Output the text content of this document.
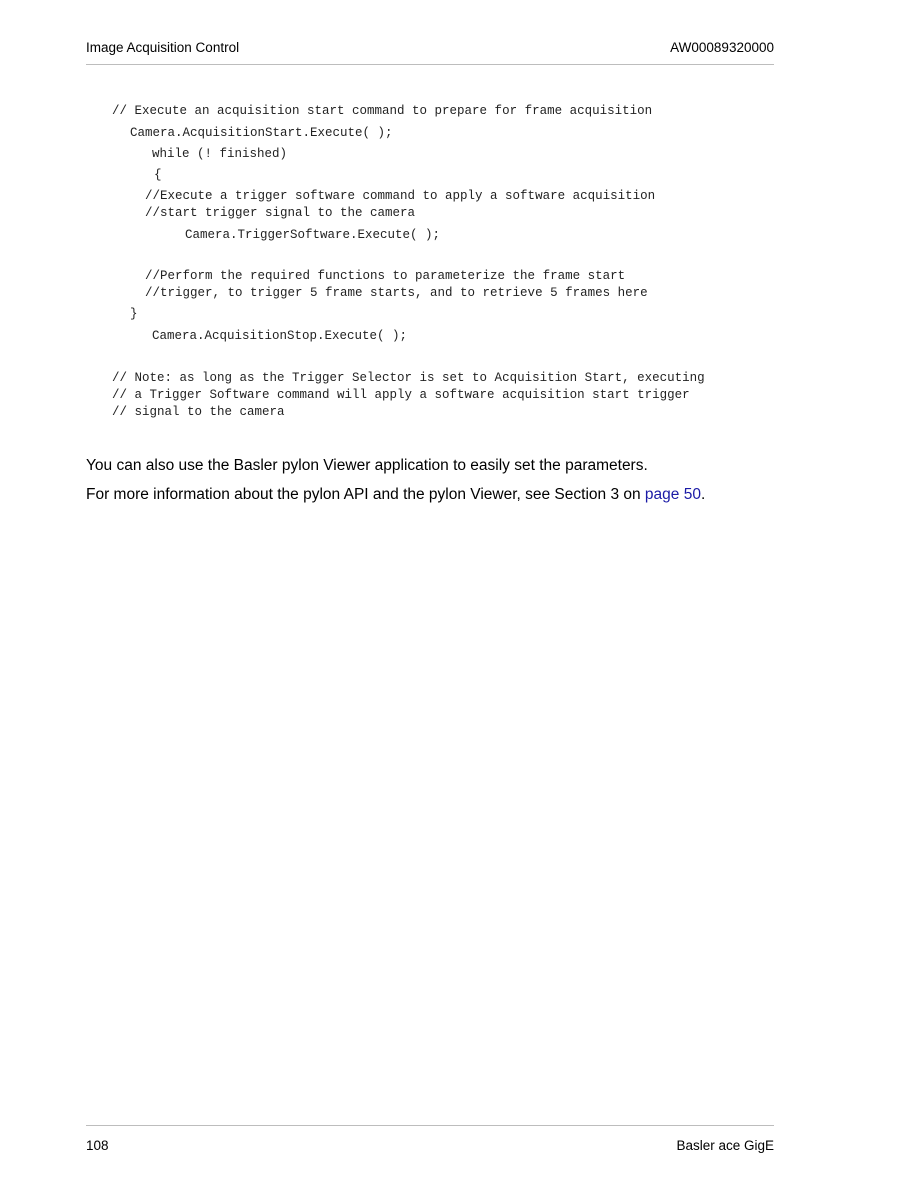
Image Acquisition Control	AW00089320000

// Execute an acquisition start command to prepare for frame acquisition

Camera.AcquisitionStart.Execute( );

while (! finished)

{

//Execute a trigger software command to apply a software acquisition

//start trigger signal to the camera

Camera.TriggerSoftware.Execute( );

//Perform the required functions to parameterize the frame start

//trigger, to trigger 5 frame starts, and to retrieve 5 frames here

}

Camera.AcquisitionStop.Execute( );

// Note: as long as the Trigger Selector is set to Acquisition Start, executing

// a Trigger Software command will apply a software acquisition start trigger

// signal to the camera

You can also use the Basler pylon Viewer application to easily set the parameters.
For more information about the pylon API and the pylon Viewer, see Section 3 on page 50.
108	Basler ace GigE
